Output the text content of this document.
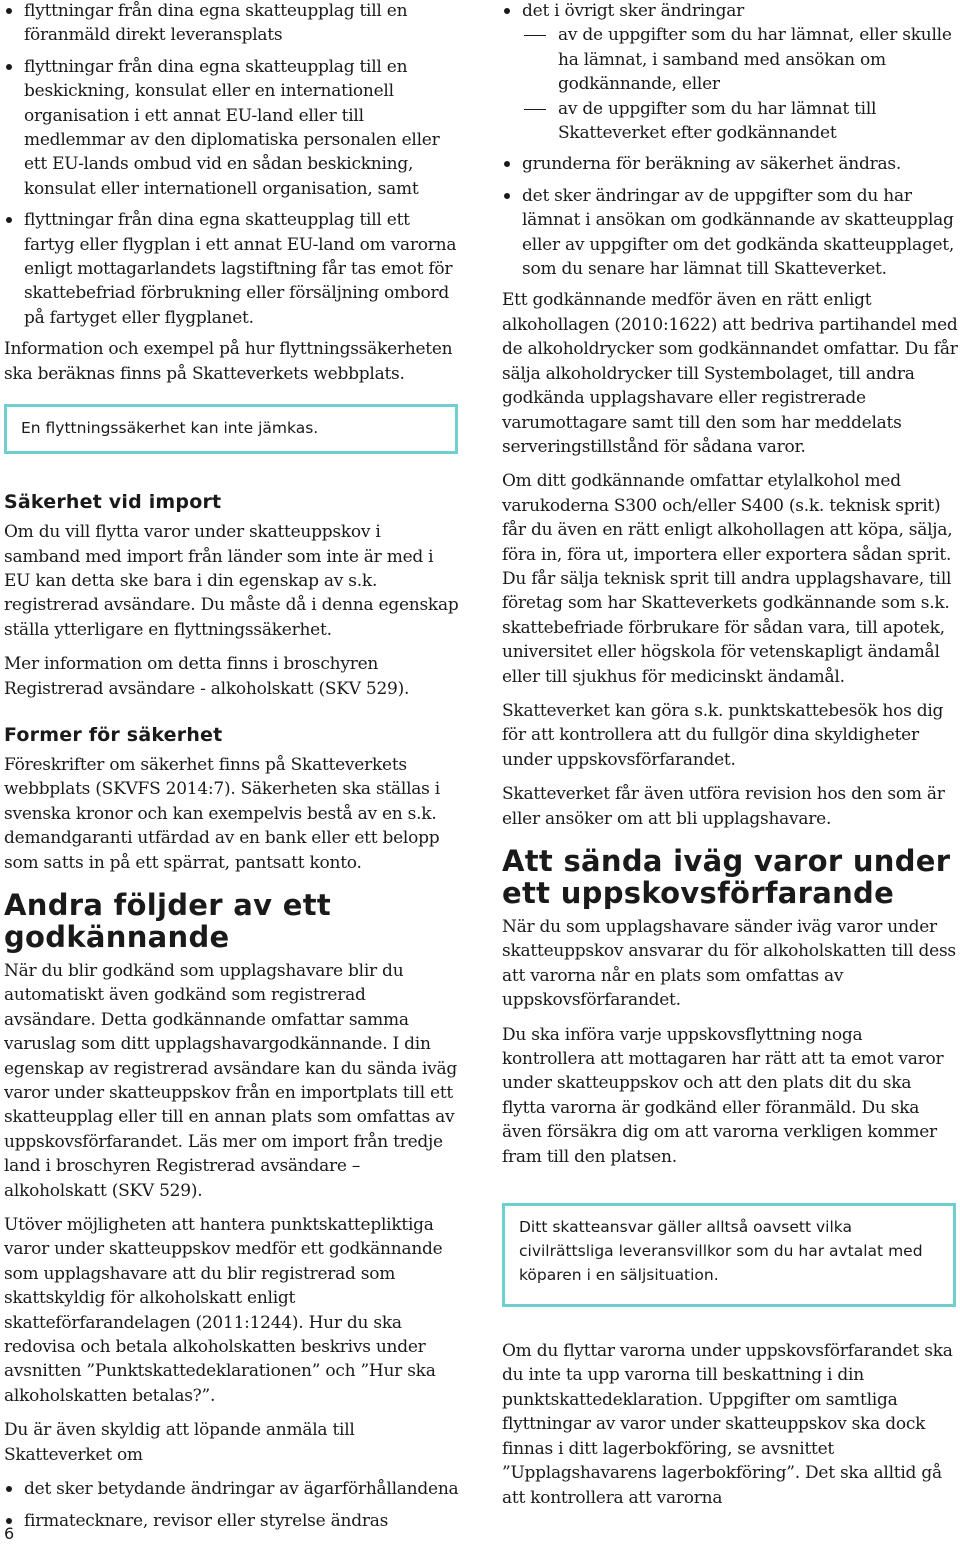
flyttningar från dina egna skatteupplag till en föranmäld direkt leveransplats
flyttningar från dina egna skatteupplag till en beskickning, konsulat eller en internationell organisation i ett annat EU-land eller till medlemmar av den diplomatiska personalen eller ett EU-lands ombud vid en sådan beskickning, konsulat eller internationell organisation, samt
flyttningar från dina egna skatteupplag till ett fartyg eller flygplan i ett annat EU-land om varorna enligt mottagarlandets lagstiftning får tas emot för skattebefriad förbrukning eller försäljning ombord på fartyget eller flygplanet.

Information och exempel på hur flyttningssäkerheten ska beräknas finns på Skatteverkets webbplats.

En flyttningssäkerhet kan inte jämkas.
Säkerhet vid import

Om du vill flytta varor under skatteuppskov i samband med import från länder som inte är med i EU kan detta ske bara i din egenskap av s.k. registrerad avsändare. Du måste då i denna egenskap ställa ytterligare en flyttningssäkerhet.

Mer information om detta finns i broschyren Registrerad avsändare - alkoholskatt (SKV 529).

Former för säkerhet

Föreskrifter om säkerhet finns på Skatteverkets webbplats (SKVFS 2014:7). Säkerheten ska ställas i svenska kronor och kan exempelvis bestå av en s.k. demandgaranti utfärdad av en bank eller ett belopp som satts in på ett spärrat, pantsatt konto.

Andra följder av ett godkännande

När du blir godkänd som upplagshavare blir du automatiskt även godkänd som registrerad avsändare. Detta godkännande omfattar samma varuslag som ditt upplagshavargodkännande. I din egenskap av registrerad avsändare kan du sända iväg varor under skatteuppskov från en importplats till ett skatteupplag eller till en annan plats som omfattas av uppskovsförfarandet. Läs mer om import från tredje land i broschyren Registrerad avsändare – alkoholskatt (SKV 529).

Utöver möjligheten att hantera punktskattepliktiga varor under skatteuppskov medför ett godkännande som upplagshavare att du blir registrerad som skattskyldig för alkoholskatt enligt skatteförfarandelagen (2011:1244). Hur du ska redovisa och betala alkoholskatten beskrivs under avsnitten ”Punktskattedeklarationen” och ”Hur ska alkoholskatten betalas?”.

Du är även skyldig att löpande anmäla till Skatteverket om

det sker betydande ändringar av ägarförhållandena
firmatecknare, revisor eller styrelse ändras
det i övrigt sker ändringar
av de uppgifter som du har lämnat, eller skulle ha lämnat, i samband med ansökan om godkännande, eller
av de uppgifter som du har lämnat till Skatteverket efter godkännandet
grunderna för beräkning av säkerhet ändras.
det sker ändringar av de uppgifter som du har lämnat i ansökan om godkännande av skatteupplag eller av uppgifter om det godkända skatteupplaget, som du senare har lämnat till Skatteverket.

Ett godkännande medför även en rätt enligt alkohollagen (2010:1622) att bedriva partihandel med de alkoholdrycker som godkännandet omfattar. Du får sälja alkoholdrycker till Systembolaget, till andra godkända upplagshavare eller registrerade varumottagare samt till den som har meddelats serveringstillstånd för sådana varor.

Om ditt godkännande omfattar etylalkohol med varukoderna S300 och/eller S400 (s.k. teknisk sprit) får du även en rätt enligt alkohollagen att köpa, sälja, föra in, föra ut, importera eller exportera sådan sprit. Du får sälja teknisk sprit till andra upplagshavare, till företag som har Skatteverkets godkännande som s.k. skattebefriade förbrukare för sådan vara, till apotek, universitet eller högskola för vetenskapligt ändamål eller till sjukhus för medicinskt ändamål.

Skatteverket kan göra s.k. punktskattebesök hos dig för att kontrollera att du fullgör dina skyldigheter under uppskovsförfarandet.

Skatteverket får även utföra revision hos den som är eller ansöker om att bli upplagshavare.

Att sända iväg varor under ett uppskovsförfarande

När du som upplagshavare sänder iväg varor under skatteuppskov ansvarar du för alkoholskatten till dess att varorna når en plats som omfattas av uppskovsförfarandet.

Du ska införa varje uppskovsflyttning noga kontrollera att mottagaren har rätt att ta emot varor under skatteuppskov och att den plats dit du ska flytta varorna är godkänd eller föranmäld. Du ska även försäkra dig om att varorna verkligen kommer fram till den platsen.

Ditt skatteansvar gäller alltså oavsett vilka civilrättsliga leveransvillkor som du har avtalat med köparen i en säljsituation.

Om du flyttar varorna under uppskovsförfarandet ska du inte ta upp varorna till beskattning i din punktskattedeklaration. Uppgifter om samtliga flyttningar av varor under skatteuppskov ska dock finnas i ditt lagerbokföring, se avsnittet ”Upplagshavarens lagerbokföring”. Det ska alltid gå att kontrollera att varorna

6
